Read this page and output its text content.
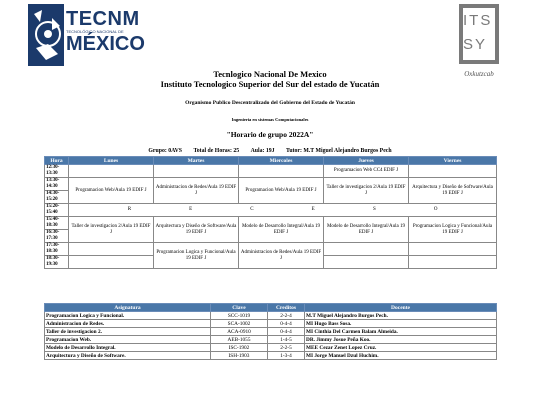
TECNM
TECNOLÓGICO NACIONAL DE
MÉXICO
ITS
SY
Oxkutzcab
Tecnlogico Nacional De Mexico
Instituto Tecnologico Superior del Sur del estado de Yucatán
Organismo Publico Descentralizado del Gobierno del Estado de Yucatán
Ingenieria en sistemas Computacionales
"Horario de grupo 2022A"
Grupo: 0AVS Total de Horas: 25 Aula: 19J Tutor: M.T Miguel Alejandro Burgos Pech
Hora	Lunes	Martes	Miercoles	Jueves	Viernes
12:30-13:30				Programacion Web CC4 EDIF J	
13:30-14:30	Programacion Web/Aula 19 EDIF J	Administracion de Redes/Aula 19 EDIF J	Programacion Web/Aula 19 EDIF J	Taller de investigacion 2/Aula 19 EDIF J	Arquitectura y Diseño de Software/Aula 19 EDIF J
14:30-15:20					
15:20-15:40	R E C E S O				
15:40-18:30	Taller de investigacion 2/Aula 19 EDIF J	Arquitectura y Diseño de Software/Aula 19 EDIF J	Modelo de Desarrollo Integral/Aula 19 EDIF J	Modelo de Desarrollo Integral/Aula 19 EDIF J	Programacion Logica y Funcional/Aula 19 EDIF J
16:30-17:30					
17:30-18:30		Programacion Logica y Funcional/Aula 19 EDIF J	Administracion de Redes/Aula 19 EDIF J		
18:30-19:30					
Asignatura	Clave	Creditos	Docente
Programacion Logica y Funcional.	SCC-1019	2-2-4	M.T Miguel Alejandro Burgos Pech.
Administracion de Redes.	SCA-1002	0-4-4	MI Hugo Bass Sosa.
Taller de investigacion 2.	ACA-0910	0-4-4	MI Cinthia Del Carmen Balam Almeida.
Programacion Web.	AEB-1055	1-4-5	DR. Jimmy Josue Peña Koo.
Modelo de Desarrollo Integral.	ISC-1902	2-2-5	MEE Cezar Zenet Lopez Cruz.
Arquitectura y Diseño de Software.	ISH-1903	1-3-4	MI Jorge Manuel Dzul Huchim.
